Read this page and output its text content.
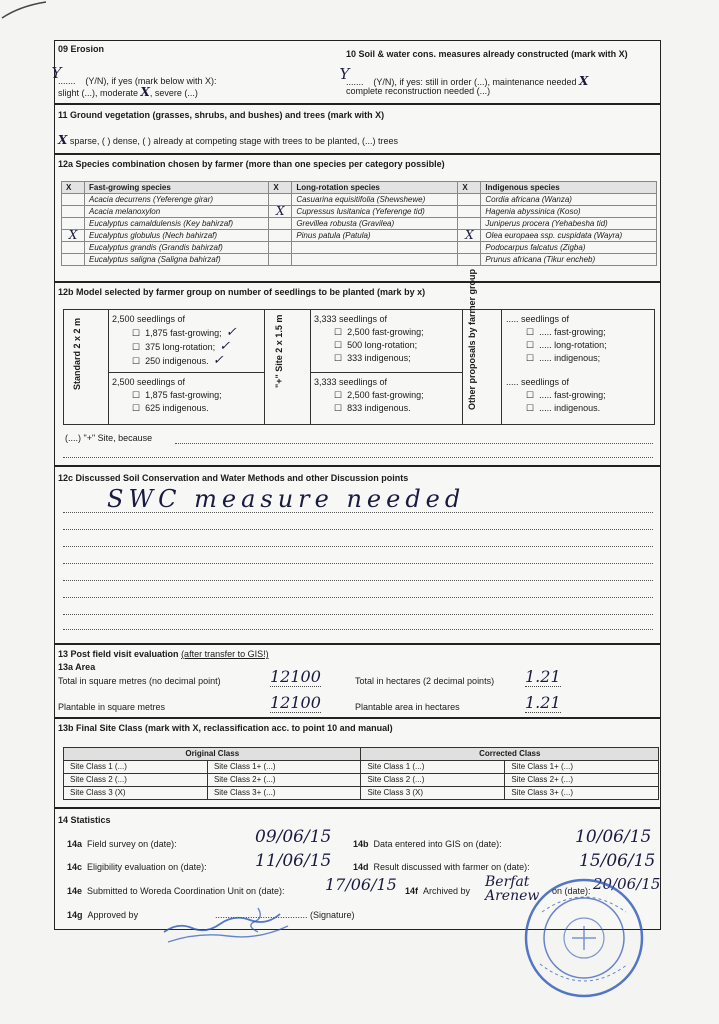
09 Erosion
.......Y	(Y/N), if yes (mark below with X):
slight (...), moderate X, severe (...)
10 Soil & water cons. measures already constructed (mark with X)
.......Y	(Y/N), if yes: still in order (...), maintenance needed X
complete reconstruction needed (...)
11 Ground vegetation (grasses, shrubs, and bushes) and trees (mark with X)
X sparse, ( ) dense, ( ) already at competing stage with trees to be planted, (...) trees
12a Species combination chosen by farmer (more than one species per category possible)
X	Fast-growing species	X	Long-rotation species	X	Indigenous species
	Acacia decurrens (Yeferenge girar)		Casuarina equisitifolia (Shewshewe)		Cordia africana (Wanza)
	Acacia melanoxylon	X	Cupressus lusitanica (Yeferenge tid)		Hagenia abyssinica (Koso)
	Eucalyptus camaldulensis (Key bahirzaf)		Grevillea robusta (Gravilea)		Juniperus procera (Yehabesha tid)
X	Eucalyptus globulus (Nech bahirzaf)		Pinus patula (Patula)	X	Olea europaea ssp. cuspidata (Wayra)
	Eucalyptus grandis (Grandis bahirzaf)				Podocarpus falcatus (Zigba)
	Eucalyptus saligna (Saligna bahirzaf)				Prunus africana (Tikur encheb)
12b Model selected by farmer group on number of seedlings to be planted (mark by x)
Standard 2 x 2 m	"+" Site 2 x 1.5 m	Other proposals by farmer group
2,500 seedlings of
☐  1,875 fast-growing; ✓
☐  375 long-rotation; ✓
☐  250 indigenous. ✓
2,500 seedlings of
☐  1,875 fast-growing;
☐  625 indigenous.
3,333 seedlings of
☐  2,500 fast-growing;
☐  500 long-rotation;
☐  333 indigenous;
3,333 seedlings of
☐  2,500 fast-growing;
☐  833 indigenous.
..... seedlings of
☐  ..... fast-growing;
☐  ..... long-rotation;
☐  ..... indigenous;
..... seedlings of
☐  ..... fast-growing;
☐  ..... indigenous.
(....) "+" Site, because
12c Discussed Soil Conservation and Water Methods and other Discussion points
SWC measure needed
13 Post field visit evaluation (after transfer to GIS!)
13a Area
Total in square metres (no decimal point)	12100	Total in hectares (2 decimal points) 1.21
Plantable in square metres	12100	Plantable area in hectares	1.21
13b Final Site Class (mark with X, reclassification acc. to point 10 and manual)
Original Class		Corrected Class	
Site Class 1 (...)	Site Class 1+ (...)	Site Class 1 (...)	Site Class 1+ (...)
Site Class 2 (...)	Site Class 2+ (...)	Site Class 2 (...)	Site Class 2+ (...)
Site Class 3 (X)	Site Class 3+ (...)	Site Class 3 (X)	Site Class 3+ (...)
14 Statistics
14a Field survey on (date):	09/06/15 14b Data entered into GIS on (date):	10/06/15
14c Eligibility evaluation on (date):	11/06/15 14d Result discussed with farmer on (date):	15/06/15
14e Submitted to Woreda Coordination Unit on (date):	17/06/15 14f Archived by
Berfat Arenew	on (date): 20/06/15
14g Approved by	..................................... (Signature)
